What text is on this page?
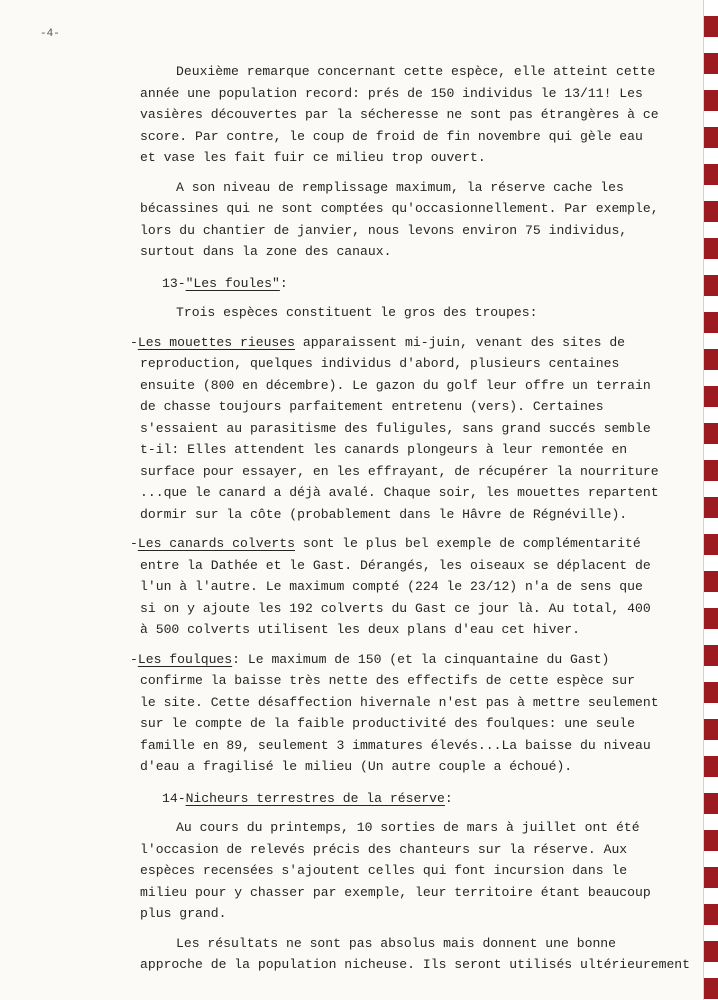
-4-

Deuxième remarque concernant cette espèce, elle atteint cette

année une population record: prés de 150 individus le 13/11! Les

vasières découvertes par la sécheresse ne sont pas étrangères à ce

score. Par contre, le coup de froid de fin novembre qui gèle eau

et vase les fait fuir ce milieu trop ouvert.

A son niveau de remplissage maximum, la réserve cache les

bécassines qui ne sont comptées qu'occasionnellement. Par exemple,

lors du chantier de janvier, nous levons environ 75 individus,

surtout dans la zone des canaux.

13-"Les foules":

Trois espèces constituent le gros des troupes:

-Les mouettes rieuses apparaissent mi-juin, venant des sites de

reproduction, quelques individus d'abord, plusieurs centaines

ensuite (800 en décembre). Le gazon du golf leur offre un terrain

de chasse toujours parfaitement entretenu (vers). Certaines

s'essaient au parasitisme des fuligules, sans grand succés semble

t-il: Elles attendent les canards plongeurs à leur remontée en

surface pour essayer, en les effrayant, de récupérer la nourriture

...que le canard a déjà avalé. Chaque soir, les mouettes repartent

dormir sur la côte (probablement dans le Hâvre de Régnéville).

-Les canards colverts sont le plus bel exemple de complémentarité

entre la Dathée et le Gast. Dérangés, les oiseaux se déplacent de

l'un à l'autre. Le maximum compté (224 le 23/12) n'a de sens que

si on y ajoute les 192 colverts du Gast ce jour là. Au total, 400

à 500 colverts utilisent les deux plans d'eau cet hiver.

-Les foulques: Le maximum de 150 (et la cinquantaine du Gast)

confirme la baisse très nette des effectifs de cette espèce sur

le site. Cette désaffection hivernale n'est pas à mettre seulement

sur le compte de la faible productivité des foulques: une seule

famille en 89, seulement 3 immatures élevés...La baisse du niveau

d'eau a fragilisé le milieu (Un autre couple a échoué).

14-Nicheurs terrestres de la réserve:

Au cours du printemps, 10 sorties de mars à juillet ont été

l'occasion de relevés précis des chanteurs sur la réserve. Aux

espèces recensées s'ajoutent celles qui font incursion dans le

milieu pour y chasser par exemple, leur territoire étant beaucoup

plus grand.

Les résultats ne sont pas absolus mais donnent une bonne

approche de la population nicheuse. Ils seront utilisés ultérieurement
